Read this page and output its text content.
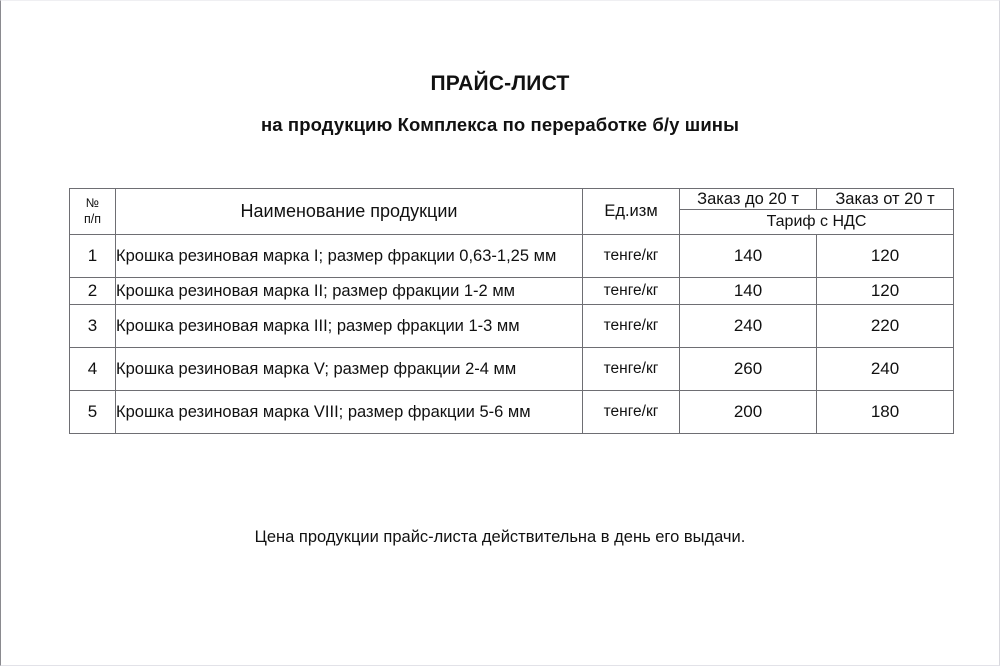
ПРАЙС-ЛИСТ
на продукцию Комплекса по переработке б/у шины
№
п/п	Наименование продукции	Ед.изм	Заказ до 20 т	Заказ от 20 т
			Тариф с НДС	
1	Крошка резиновая марка I; размер фракции 0,63-1,25 мм	тенге/кг	140	120
2	Крошка резиновая марка II; размер фракции 1-2 мм	тенге/кг	140	120
3	Крошка резиновая марка III; размер фракции 1-3 мм	тенге/кг	240	220
4	Крошка резиновая марка V; размер фракции 2-4 мм	тенге/кг	260	240
5	Крошка резиновая марка VIII; размер фракции 5-6 мм	тенге/кг	200	180
Цена продукции прайс-листа действительна в день его выдачи.
